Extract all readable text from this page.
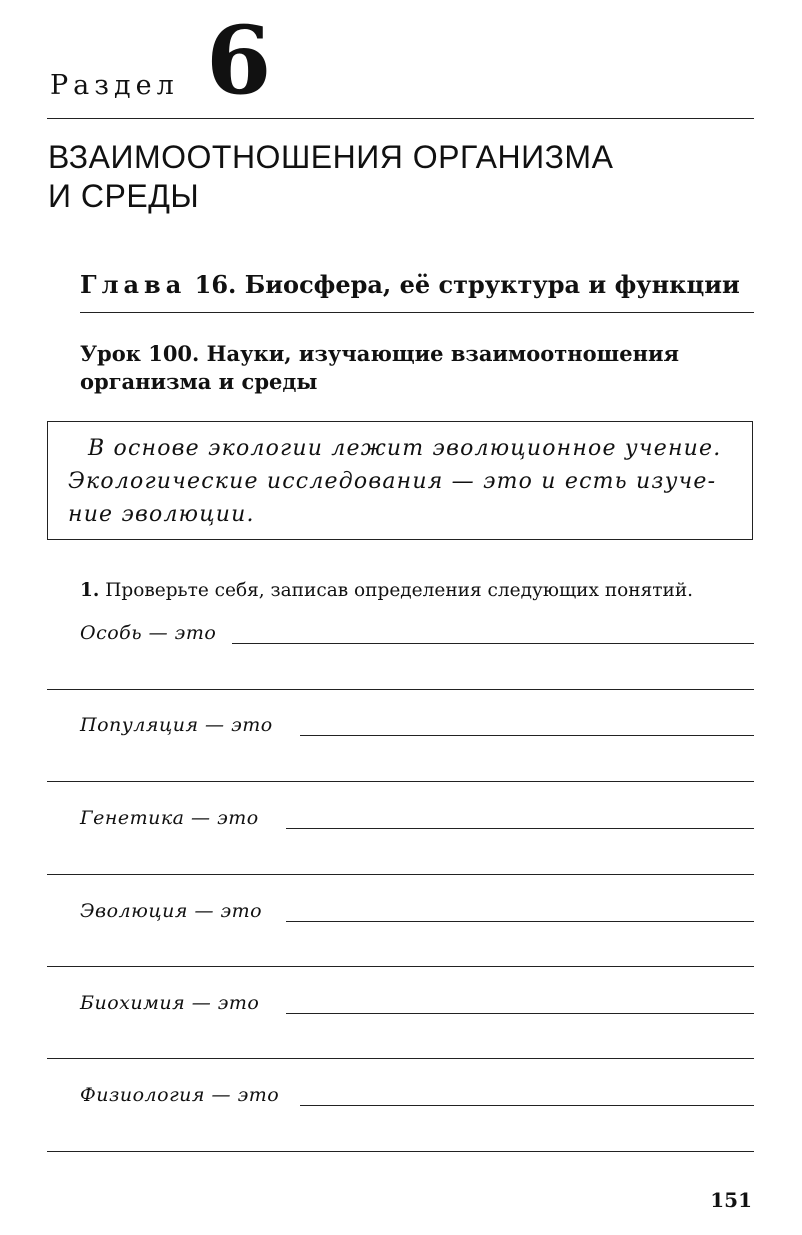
Раздел 6
ВЗАИМООТНОШЕНИЯ ОРГАНИЗМА
И СРЕДЫ
Глава 16. Биосфера, её структура и функции
Урок 100. Науки, изучающие взаимоотношения
организма и среды
В основе экологии лежит эволюционное учение.
Экологические исследования — это и есть изуче-
ние эволюции.
1. Проверьте себя, записав определения следующих понятий.
Особь — это
Популяция — это
Генетика — это
Эволюция — это
Биохимия — это
Физиология — это
151
